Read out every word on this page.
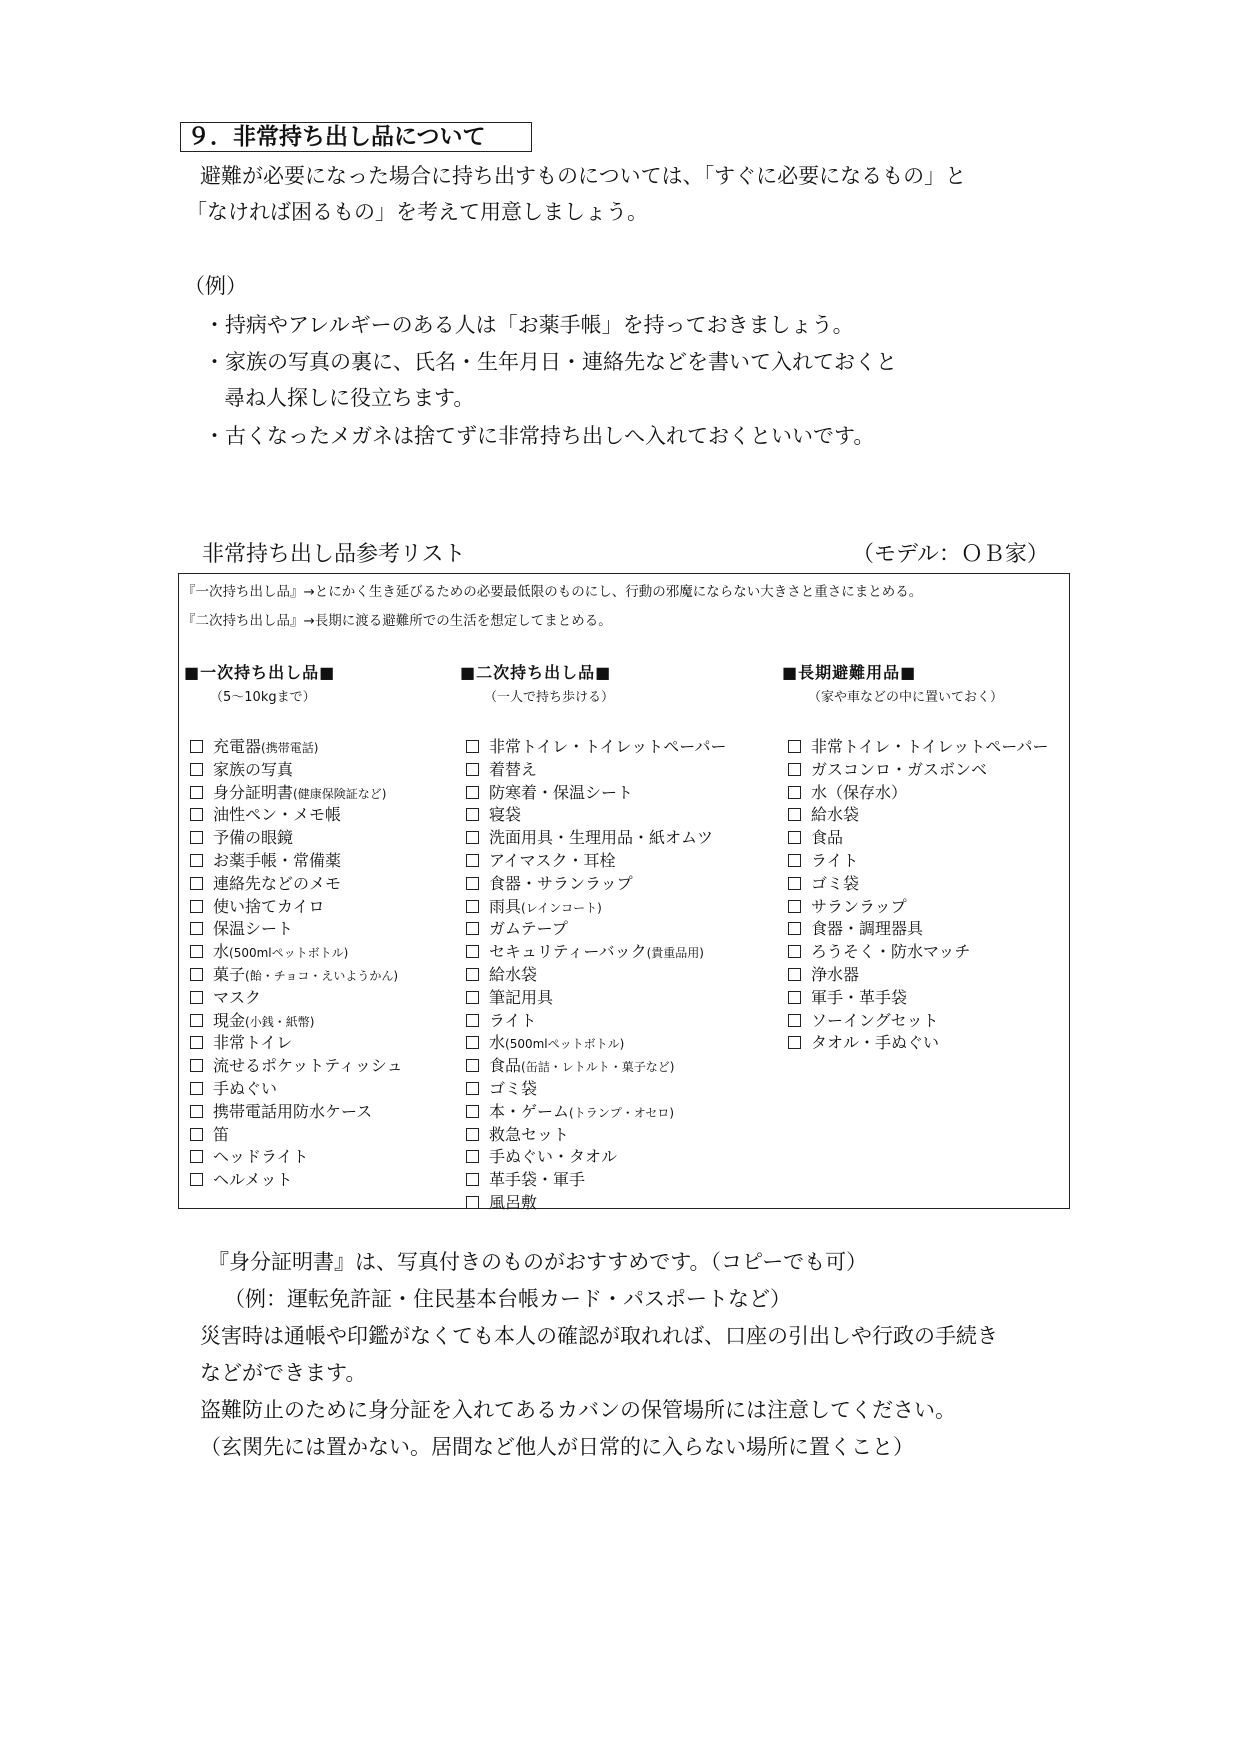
９．非常持ち出し品について
避難が必要になった場合に持ち出すものについては、「すぐに必要になるもの」と
「なければ困るもの」を考えて用意しましょう。
（例）
・持病やアレルギーのある人は「お薬手帳」を持っておきましょう。
・家族の写真の裏に、氏名・生年月日・連絡先などを書いて入れておくと
尋ね人探しに役立ちます。
・古くなったメガネは捨てずに非常持ち出しへ入れておくといいです。
非常持ち出し品参考リスト	（モデル：ＯＢ家）
『一次持ち出し品』→とにかく生き延びるための必要最低限のものにし、行動の邪魔にならない大きさと重さにまとめる。
『二次持ち出し品』→長期に渡る避難所での生活を想定してまとめる。
■一次持ち出し品■
（5～10kgまで）
■二次持ち出し品■
（一人で持ち歩ける）
■長期避難用品■
（家や車などの中に置いておく）
充電器(携帯電話)
家族の写真
身分証明書(健康保険証など)
油性ペン・メモ帳
予備の眼鏡
お薬手帳・常備薬
連絡先などのメモ
使い捨てカイロ
保温シート
水(500mlペットボトル)
菓子(飴・チョコ・えいようかん)
マスク
現金(小銭・紙幣)
非常トイレ
流せるポケットティッシュ
手ぬぐい
携帯電話用防水ケース
笛
ヘッドライト
ヘルメット
非常トイレ・トイレットペーパー
着替え
防寒着・保温シート
寝袋
洗面用具・生理用品・紙オムツ
アイマスク・耳栓
食器・サランラップ
雨具(レインコート)
ガムテープ
セキュリティーバック(貴重品用)
給水袋
筆記用具
ライト
水(500mlペットボトル)
食品(缶詰・レトルト・菓子など)
ゴミ袋
本・ゲーム(トランプ・オセロ)
救急セット
手ぬぐい・タオル
革手袋・軍手
風呂敷
非常トイレ・トイレットペーパー
ガスコンロ・ガスボンベ
水（保存水）
給水袋
食品
ライト
ゴミ袋
サランラップ
食器・調理器具
ろうそく・防水マッチ
浄水器
軍手・革手袋
ソーイングセット
タオル・手ぬぐい
『身分証明書』は、写真付きのものがおすすめです。（コピーでも可）
（例：運転免許証・住民基本台帳カード・パスポートなど）
災害時は通帳や印鑑がなくても本人の確認が取れれば、口座の引出しや行政の手続き
などができます。
盗難防止のために身分証を入れてあるカバンの保管場所には注意してください。
（玄関先には置かない。居間など他人が日常的に入らない場所に置くこと）
